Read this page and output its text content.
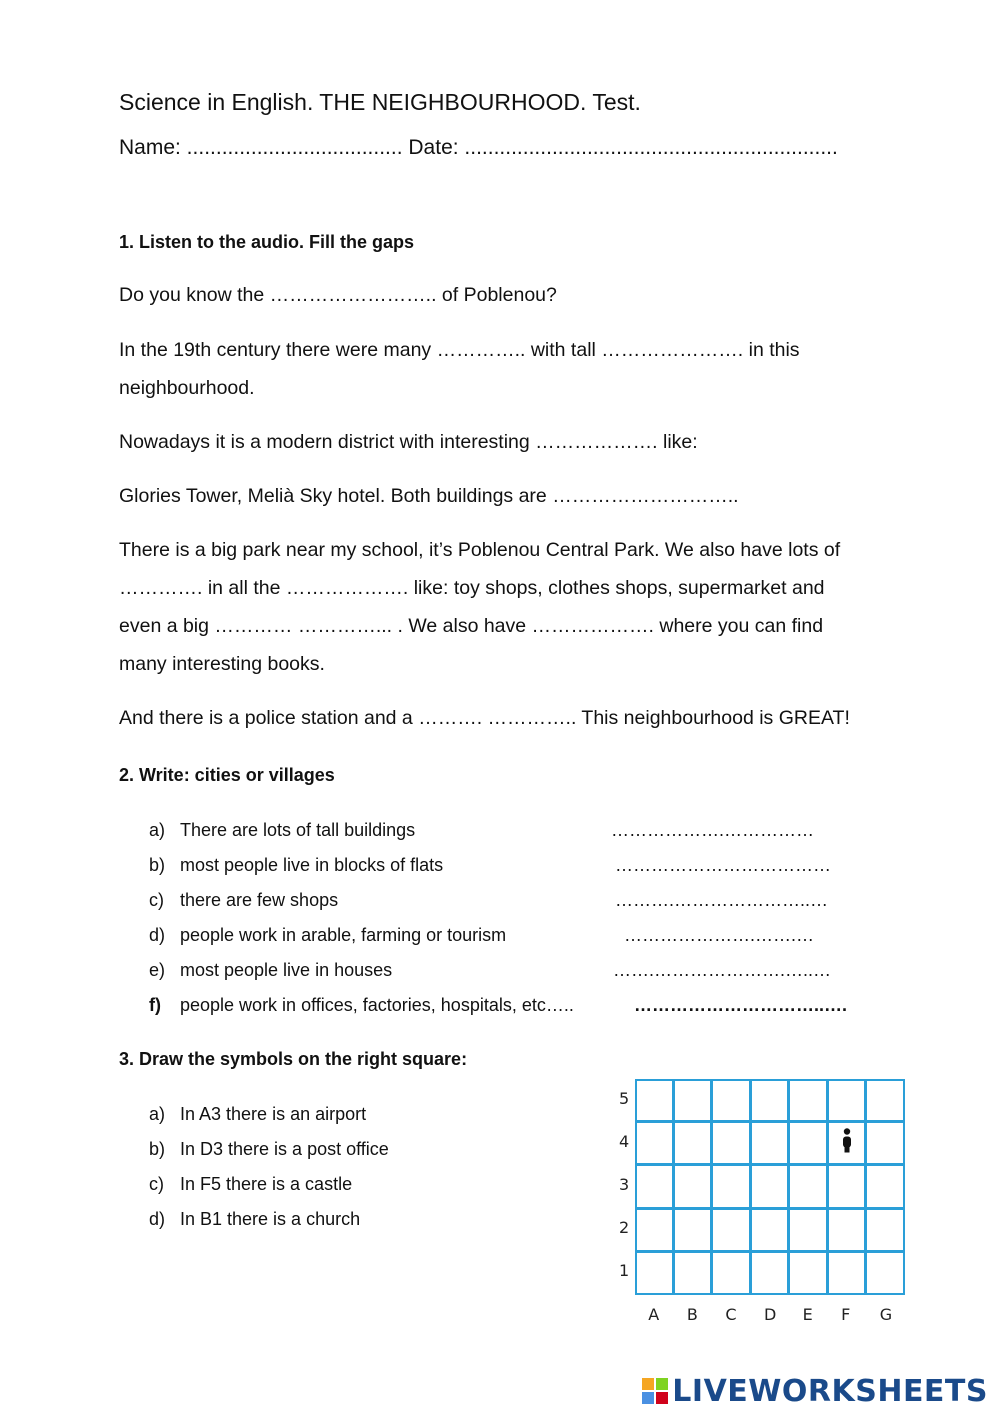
Science in English. THE NEIGHBOURHOOD. Test.
Name: ..................................... Date: ................................................................
1. Listen to the audio. Fill the gaps
Do you know the …………………….. of Poblenou?
In the 19th century there were many ………….. with tall …………………. in this
neighbourhood.
Nowadays it is a modern district with interesting ………………. like:
Glories Tower, Melià Sky hotel. Both buildings are ………………………..
There is a big park near my school, it’s Poblenou Central Park. We also have lots of
…………. in all the ………………. like: toy shops, clothes shops, supermarket and
even a big ………… …………... . We also have ………………. where you can find
many interesting books.
And there is a police station and a ………. ………….. This neighbourhood is GREAT!
2. Write: cities or villages
a) There are lots of tall buildings	……………….……………
b) most people live in blocks of flats	………………………………
c) there are few shops	……….…………………..…
d) people work in arable, farming or tourism	………………….…….…
e) most people live in houses	…….………………….…..…
f) people work in offices, factories, hospitals, etc…..	…………………………..….
3. Draw the symbols on the right square:
a) In A3 there is an airport
b) In D3 there is a post office
c) In F5 there is a castle
d) In B1 there is a church
5
4
3
2
1
A B C D E F G
LIVEWORKSHEETS
